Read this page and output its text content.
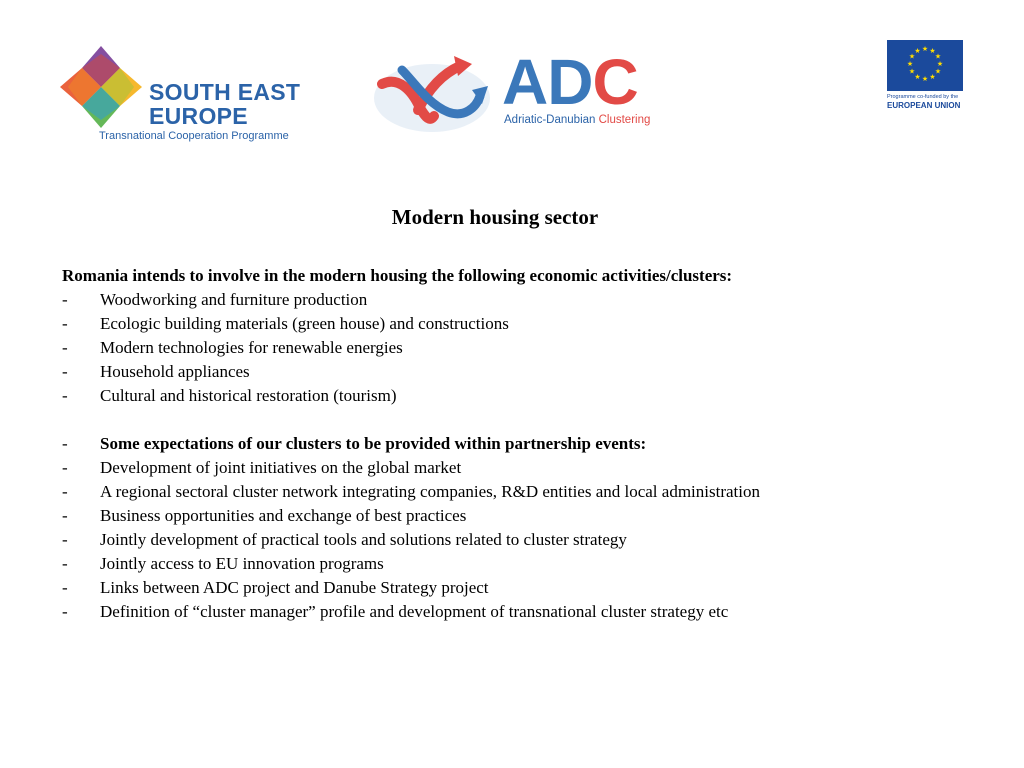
SOUTH EAST
EUROPE
Transnational Cooperation Programme
ADC
Adriatic-Danubian Clustering
★ ★
★
★
★
★
★
★
★
★
★
★
Programme co-funded by the
EUROPEAN UNION
Modern housing sector
Romania intends to involve in the modern housing the following economic activities/clusters:
- Woodworking and furniture production
- Ecologic building materials (green house) and constructions
- Modern technologies for renewable energies
- Household appliances
- Cultural and historical restoration (tourism)
- Some expectations of our clusters to be provided within partnership events:
- Development of joint initiatives on the global market
- A regional sectoral cluster network integrating companies, R&D entities and local administration
- Business opportunities and exchange of best practices
- Jointly development of practical tools and solutions related to cluster strategy
- Jointly access to EU innovation programs
- Links between ADC project and Danube Strategy project
- Definition of “cluster manager” profile and development of transnational cluster strategy etc
